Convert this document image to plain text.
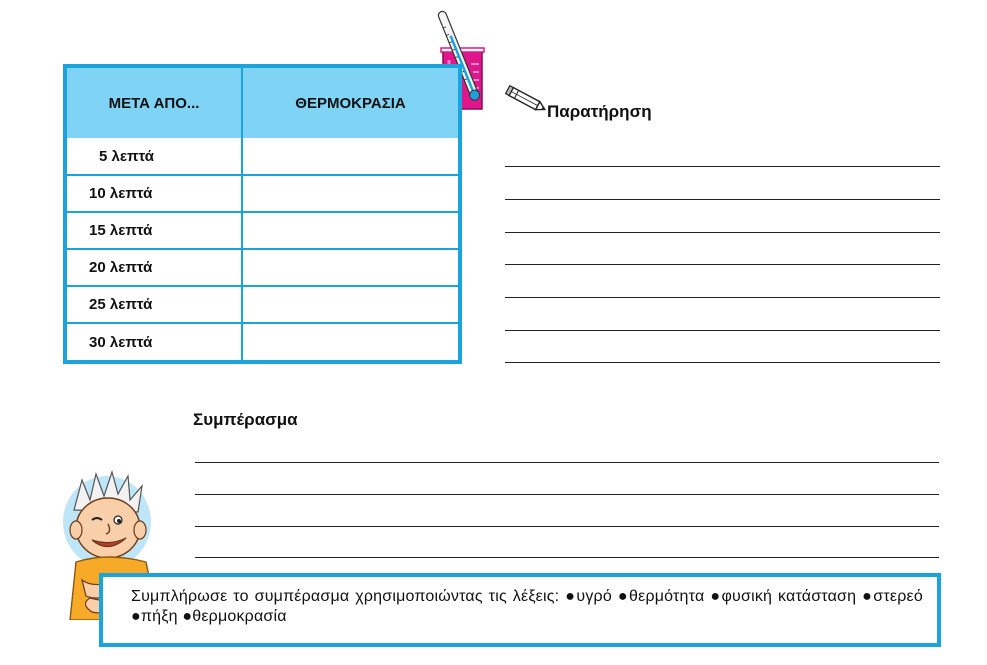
ΜΕΤΑ ΑΠΟ...	ΘΕΡΜΟΚΡΑΣΙΑ
5 λεπτά	
10 λεπτά	
15 λεπτά	
20 λεπτά	
25 λεπτά	
30 λεπτά	
Παρατήρηση
Συμπέρασμα
Συμπλήρωσε το συμπέρασμα χρησιμοποιώντας τις λέξεις: ●υγρό ●θερμότητα ●φυσική κατάσταση ●στερεό ●πήξη ●θερμοκρασία
